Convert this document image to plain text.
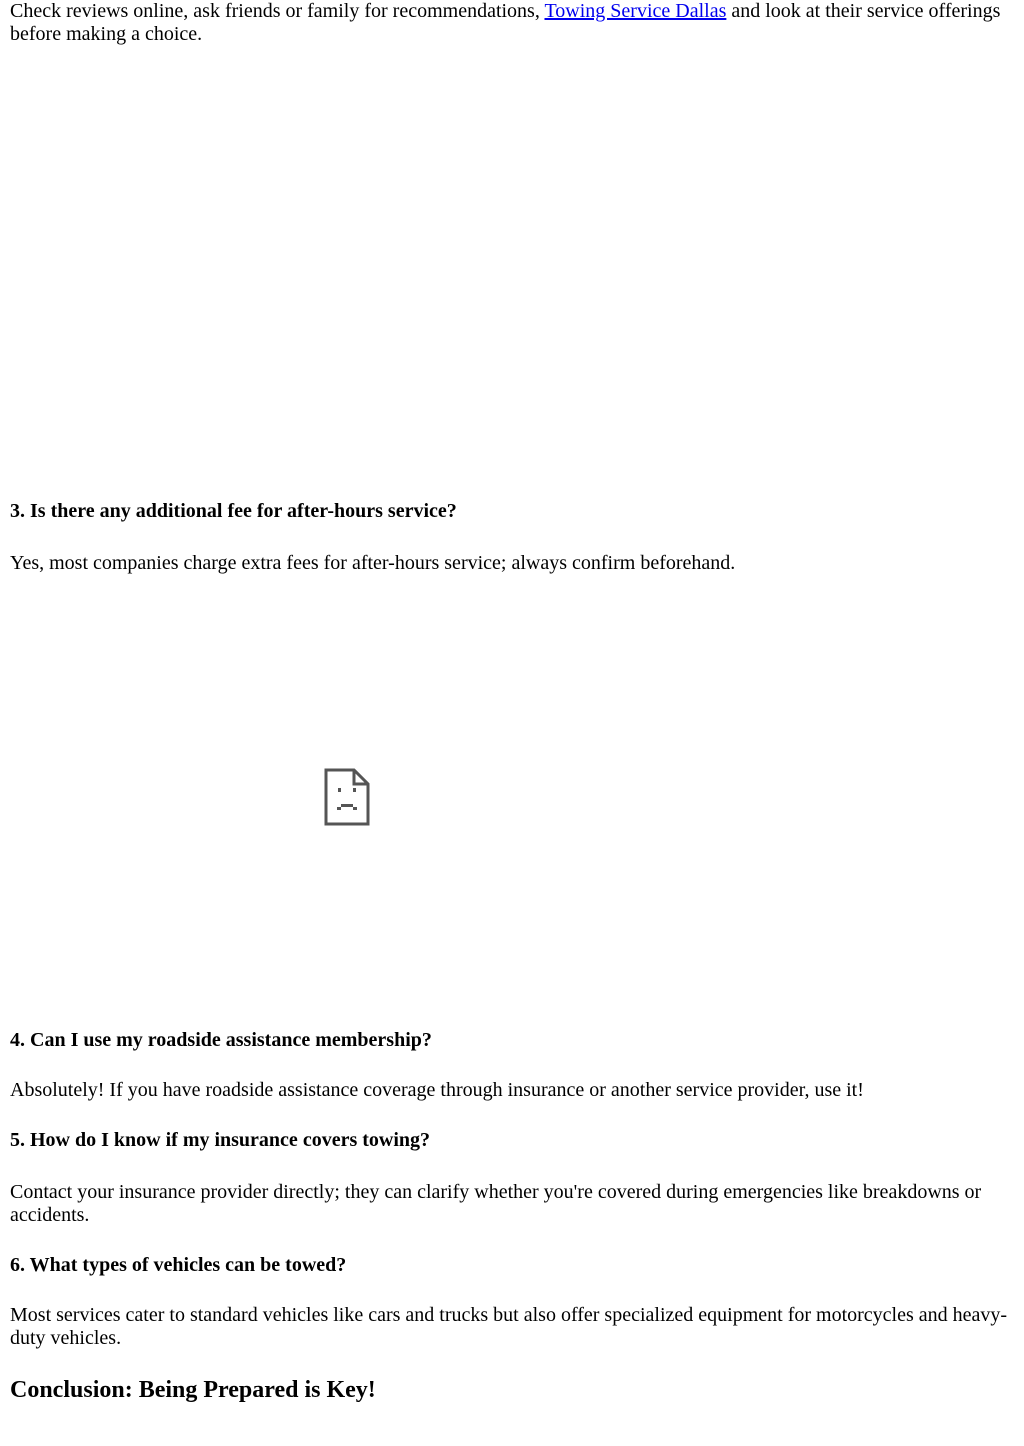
Check reviews online, ask friends or family for recommendations, Towing Service Dallas and look at their service offerings before making a choice.

3. Is there any additional fee for after-hours service?

Yes, most companies charge extra fees for after-hours service; always confirm beforehand.

4. Can I use my roadside assistance membership?

Absolutely! If you have roadside assistance coverage through insurance or another service provider, use it!

5. How do I know if my insurance covers towing?

Contact your insurance provider directly; they can clarify whether you're covered during emergencies like breakdowns or accidents.

6. What types of vehicles can be towed?

Most services cater to standard vehicles like cars and trucks but also offer specialized equipment for motorcycles and heavy-duty vehicles.

Conclusion: Being Prepared is Key!
